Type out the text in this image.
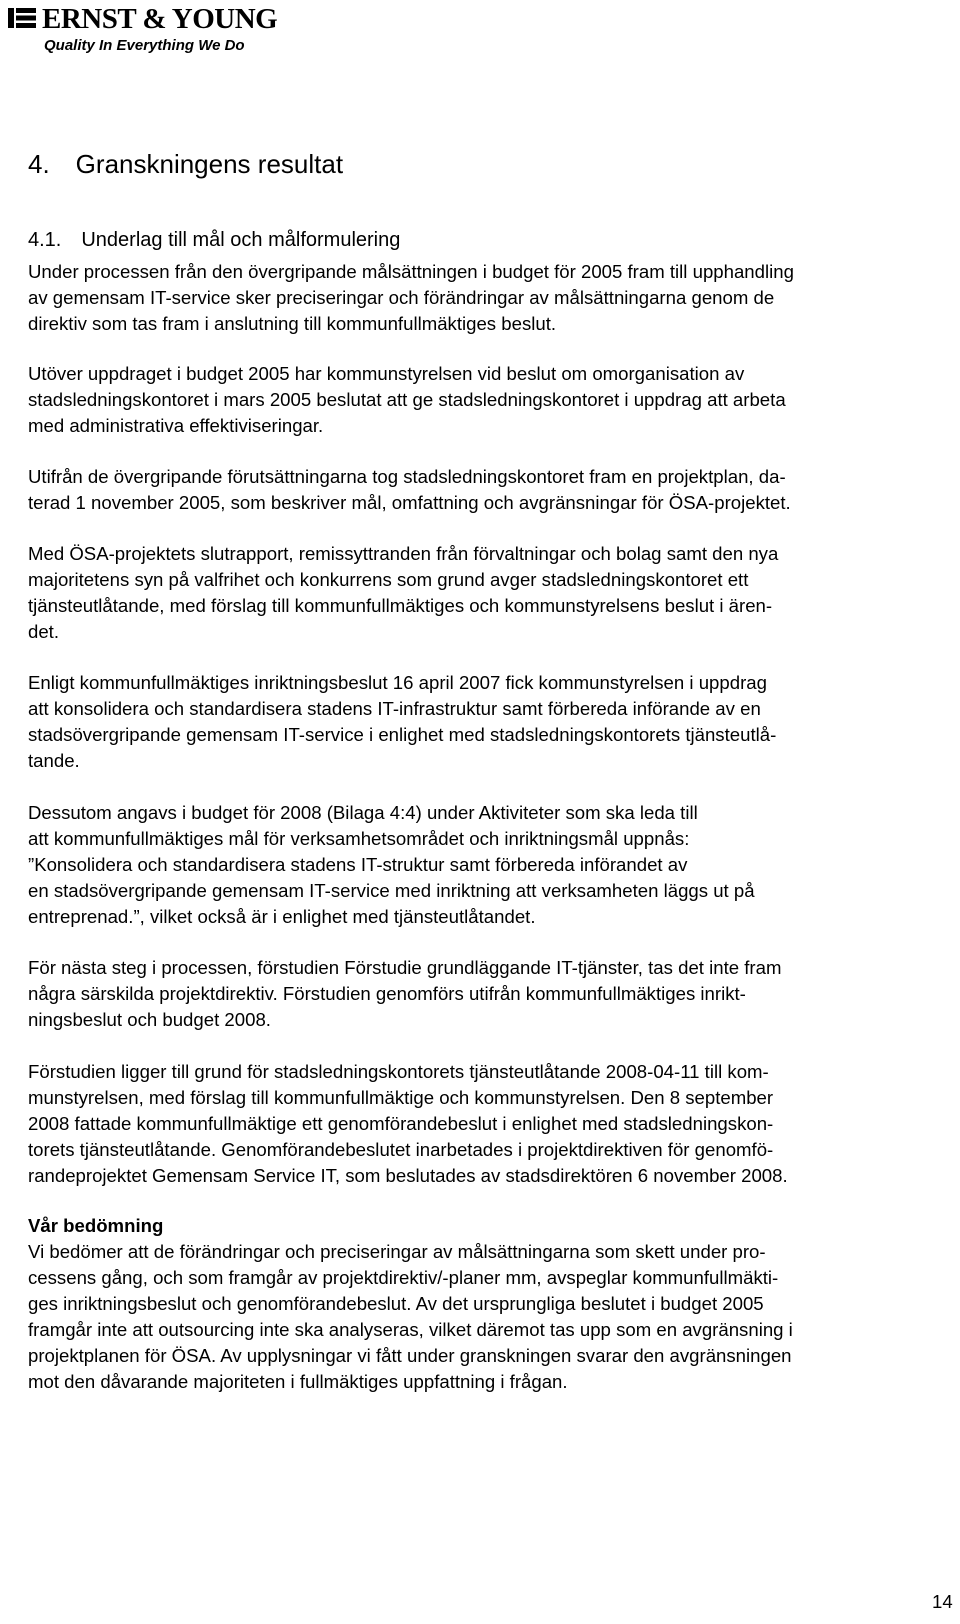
ERNST & YOUNG
Quality In Everything We Do
4. Granskningens resultat
4.1. Underlag till mål och målformulering

Under processen från den övergripande målsättningen i budget för 2005 fram till upphandling
av gemensam IT-service sker preciseringar och förändringar av målsättningarna genom de
direktiv som tas fram i anslutning till kommunfullmäktiges beslut.

Utöver uppdraget i budget 2005 har kommunstyrelsen vid beslut om omorganisation av
stadsledningskontoret i mars 2005 beslutat att ge stadsledningskontoret i uppdrag att arbeta
med administrativa effektiviseringar.

Utifrån de övergripande förutsättningarna tog stadsledningskontoret fram en projektplan, da-
terad 1 november 2005, som beskriver mål, omfattning och avgränsningar för ÖSA-projektet.

Med ÖSA-projektets slutrapport, remissyttranden från förvaltningar och bolag samt den nya
majoritetens syn på valfrihet och konkurrens som grund avger stadsledningskontoret ett
tjänsteutlåtande, med förslag till kommunfullmäktiges och kommunstyrelsens beslut i ären-
det.

Enligt kommunfullmäktiges inriktningsbeslut 16 april 2007 fick kommunstyrelsen i uppdrag
att konsolidera och standardisera stadens IT-infrastruktur samt förbereda införande av en
stadsövergripande gemensam IT-service i enlighet med stadsledningskontorets tjänsteutlå-
tande.

Dessutom angavs i budget för 2008 (Bilaga 4:4) under Aktiviteter som ska leda till
att kommunfullmäktiges mål för verksamhetsområdet och inriktningsmål uppnås:
”Konsolidera och standardisera stadens IT-struktur samt förbereda införandet av
en stadsövergripande gemensam IT-service med inriktning att verksamheten läggs ut på
entreprenad.”, vilket också är i enlighet med tjänsteutlåtandet.

För nästa steg i processen, förstudien Förstudie grundläggande IT-tjänster, tas det inte fram
några särskilda projektdirektiv. Förstudien genomförs utifrån kommunfullmäktiges inrikt-
ningsbeslut och budget 2008.

Förstudien ligger till grund för stadsledningskontorets tjänsteutlåtande 2008-04-11 till kom-
munstyrelsen, med förslag till kommunfullmäktige och kommunstyrelsen. Den 8 september
2008 fattade kommunfullmäktige ett genomförandebeslut i enlighet med stadsledningskon-
torets tjänsteutlåtande. Genomförandebeslutet inarbetades i projektdirektiven för genomfö-
randeprojektet Gemensam Service IT, som beslutades av stadsdirektören 6 november 2008.

Vår bedömning
Vi bedömer att de förändringar och preciseringar av målsättningarna som skett under pro-
cessens gång, och som framgår av projektdirektiv/-planer mm, avspeglar kommunfullmäkti-
ges inriktningsbeslut och genomförandebeslut. Av det ursprungliga beslutet i budget 2005
framgår inte att outsourcing inte ska analyseras, vilket däremot tas upp som en avgränsning i
projektplanen för ÖSA. Av upplysningar vi fått under granskningen svarar den avgränsningen
mot den dåvarande majoriteten i fullmäktiges uppfattning i frågan.

14
